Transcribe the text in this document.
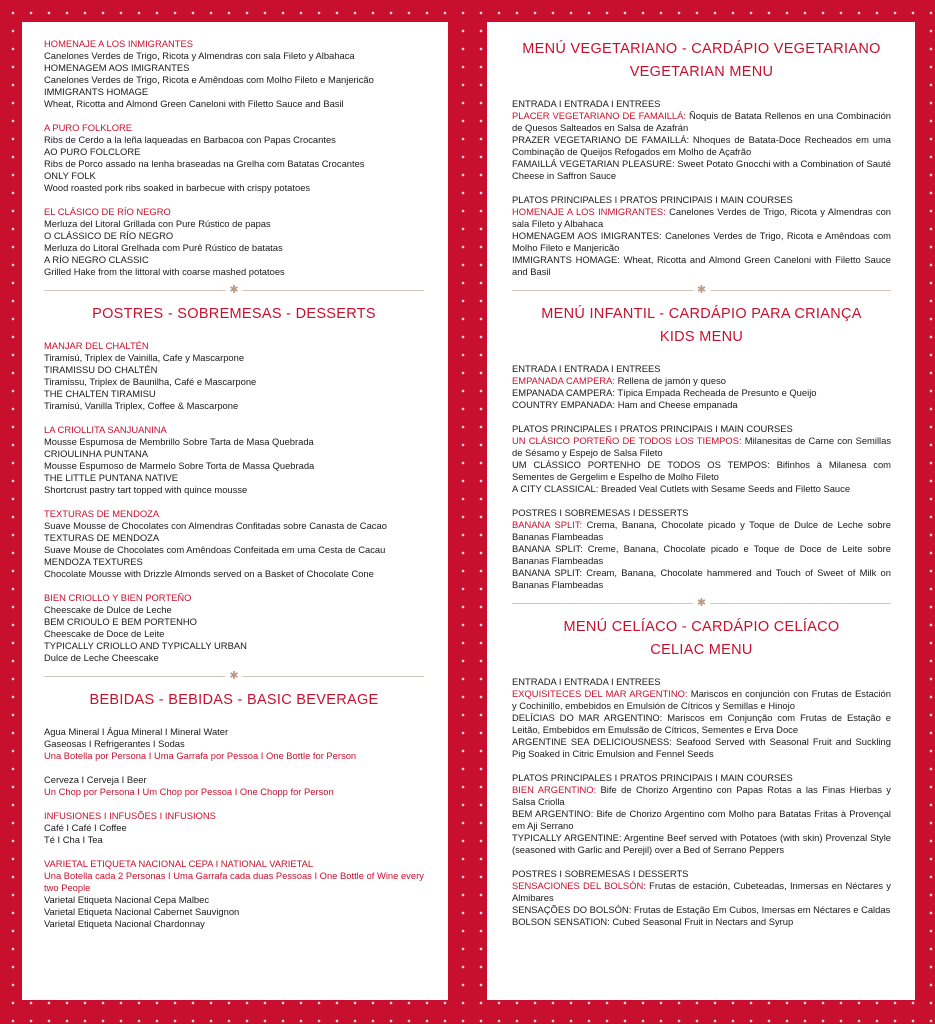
HOMENAJE A LOS INMIGRANTES
Canelones Verdes de Trigo, Ricota y Almendras con sala Fileto y Albahaca
HOMENAGEM AOS IMIGRANTES
Canelones Verdes de Trigo, Ricota e Amêndoas com Molho Fileto e Manjericão
IMMIGRANTS HOMAGE
Wheat, Ricotta and Almond Green Caneloni with Filetto Sauce and Basil
A PURO FOLKLORE
Ribs de Cerdo a la leña laqueadas en Barbacoa con Papas Crocantes
AO PURO FOLCLORE
Ribs de Porco assado na lenha braseadas na Grelha com Batatas Crocantes
ONLY FOLK
Wood roasted pork ribs soaked in barbecue with crispy potatoes
EL CLÁSICO DE RÍO NEGRO
Merluza del Litoral Grillada con Pure Rústico de papas
O CLÁSSICO DE RÍO NEGRO
Merluza do Litoral Grelhada com Purê Rústico de batatas
A RÍO NEGRO CLASSIC
Grilled Hake from the littoral with coarse mashed potatoes
✱
POSTRES - SOBREMESAS - DESSERTS
MANJAR DEL CHALTÉN
Tiramisú, Triplex de Vainilla, Cafe y Mascarpone
TIRAMISSU DO CHALTÉN
Tiramissu, Triplex de Baunilha, Café e Mascarpone
THE CHALTEN TIRAMISU
Tiramisú, Vanilla Triplex, Coffee & Mascarpone
LA CRIOLLITA SANJUANINA
Mousse Espumosa de Membrillo Sobre Tarta de Masa Quebrada
CRIOULINHA PUNTANA
Mousse Espumoso de Marmelo Sobre Torta de Massa Quebrada
THE LITTLE PUNTANA NATIVE
Shortcrust pastry tart topped with quince mousse
TEXTURAS DE MENDOZA
Suave Mousse de Chocolates con Almendras Confitadas sobre Canasta de Cacao
TEXTURAS DE MENDOZA
Suave Mouse de Chocolates com Amêndoas Confeitada em uma Cesta de Cacau
MENDOZA TEXTURES
Chocolate Mousse with Drizzle Almonds served on a Basket of Chocolate Cone
BIEN CRIOLLO Y BIEN PORTEÑO
Cheescake de Dulce de Leche
BEM CRIOULO E BEM PORTENHO
Cheescake de Doce de Leite
TYPICALLY CRIOLLO AND TYPICALLY URBAN
Dulce de Leche Cheescake
✱
BEBIDAS - BEBIDAS - BASIC BEVERAGE
Agua Mineral I Água Mineral I Mineral Water
Gaseosas I Refrigerantes I Sodas
Una Botella por Persona I Uma Garrafa por Pessoa I One Bottle for Person
Cerveza I Cerveja I Beer
Un Chop por Persona I Um Chop por Pessoa I One Chopp for Person
INFUSIONES I INFUSÕES I INFUSIONS
Café I Café I Coffee
Té I Cha I Tea
VARIETAL ETIQUETA NACIONAL CEPA I NATIONAL VARIETAL
Una Botella cada 2 Personas I Uma Garrafa cada duas Pessoas I One Bottle of Wine every two People
Varietal Etiqueta Nacional Cepa Malbec
Varietal Etiqueta Nacional Cabernet Sauvignon
Varietal Etiqueta Nacional Chardonnay
MENÚ VEGETARIANO - CARDÁPIO VEGETARIANO
VEGETARIAN MENU
ENTRADA I ENTRADA I ENTREES
PLACER VEGETARIANO DE FAMAILLÁ: Ñoquis de Batata Rellenos en una Combinación de Quesos Salteados en Salsa de Azafrán
PRAZER VEGETARIANO DE FAMAILLÁ: Nhoques de Batata-Doce Recheados em uma Combinação de Queijos Refogados em Molho de Açafrão
FAMAILLÁ VEGETARIAN PLEASURE: Sweet Potato Gnocchi with a Combination of Sauté Cheese in Saffron Sauce
PLATOS PRINCIPALES I PRATOS PRINCIPAIS I MAIN COURSES
HOMENAJE A LOS INMIGRANTES: Canelones Verdes de Trigo, Ricota y Almendras con sala Fileto y Albahaca
HOMENAGEM AOS IMIGRANTES: Canelones Verdes de Trigo, Ricota e Amêndoas com Molho Fileto e Manjericão
IMMIGRANTS HOMAGE: Wheat, Ricotta and Almond Green Caneloni with Filetto Sauce and Basil
✱
MENÚ INFANTIL - CARDÁPIO PARA CRIANÇA
KIDS MENU
ENTRADA I ENTRADA I ENTREES
EMPANADA CAMPERA: Rellena de jamón y queso
EMPANADA CAMPERA: Típica Empada Recheada de Presunto e Queijo
COUNTRY EMPANADA: Ham and Cheese empanada
PLATOS PRINCIPALES I PRATOS PRINCIPAIS I MAIN COURSES
UN CLÁSICO PORTEÑO DE TODOS LOS TIEMPOS: Milanesitas de Carne con Semillas de Sésamo y Espejo de Salsa Fileto
UM CLÁSSICO PORTENHO DE TODOS OS TEMPOS: Bifinhos à Milanesa com Sementes de Gergelim e Espelho de Molho Fileto
A CITY CLASSICAL: Breaded Veal Cutlets with Sesame Seeds and Filetto Sauce
POSTRES I SOBREMESAS I DESSERTS
BANANA SPLIT: Crema, Banana, Chocolate picado y Toque de Dulce de Leche sobre Bananas Flambeadas
BANANA SPLIT: Creme, Banana, Chocolate picado e Toque de Doce de Leite sobre Bananas Flambeadas
BANANA SPLIT: Cream, Banana, Chocolate hammered and Touch of Sweet of Milk on Bananas Flambeadas
✱
MENÚ CELÍACO - CARDÁPIO CELÍACO
CELIAC MENU
ENTRADA I ENTRADA I ENTREES
EXQUISITECES DEL MAR ARGENTINO: Mariscos en conjunción con Frutas de Estación y Cochinillo, embebidos en Emulsión de Cítricos y Semillas e Hinojo
DELÍCIAS DO MAR ARGENTINO: Mariscos em Conjunção com Frutas de Estação e Leitão, Embebidos em Emulssão de Cítricos, Sementes e Erva Doce
ARGENTINE SEA DELICIOUSNESS: Seafood Served with Seasonal Fruit and Suckling Pig Soaked in Citric Emulsion and Fennel Seeds
PLATOS PRINCIPALES I PRATOS PRINCIPAIS I MAIN COURSES
BIEN ARGENTINO: Bife de Chorizo Argentino con Papas Rotas a las Finas Hierbas y Salsa Criolla
BEM ARGENTINO: Bife de Chorizo Argentino com Molho para Batatas Fritas à Provençal em Aji Serrano
TYPICALLY ARGENTINE: Argentine Beef served with Potatoes (with skin) Provenzal Style (seasoned with Garlic and Perejil) over a Bed of Serrano Peppers
POSTRES I SOBREMESAS I DESSERTS
SENSACIONES DEL BOLSÓN: Frutas de estación, Cubeteadas, Inmersas en Néctares y Almibares
SENSAÇÕES DO BOLSÓN: Frutas de Estação Em Cubos, Imersas em Néctares e Caldas
BOLSON SENSATION: Cubed Seasonal Fruit in Nectars and Syrup
